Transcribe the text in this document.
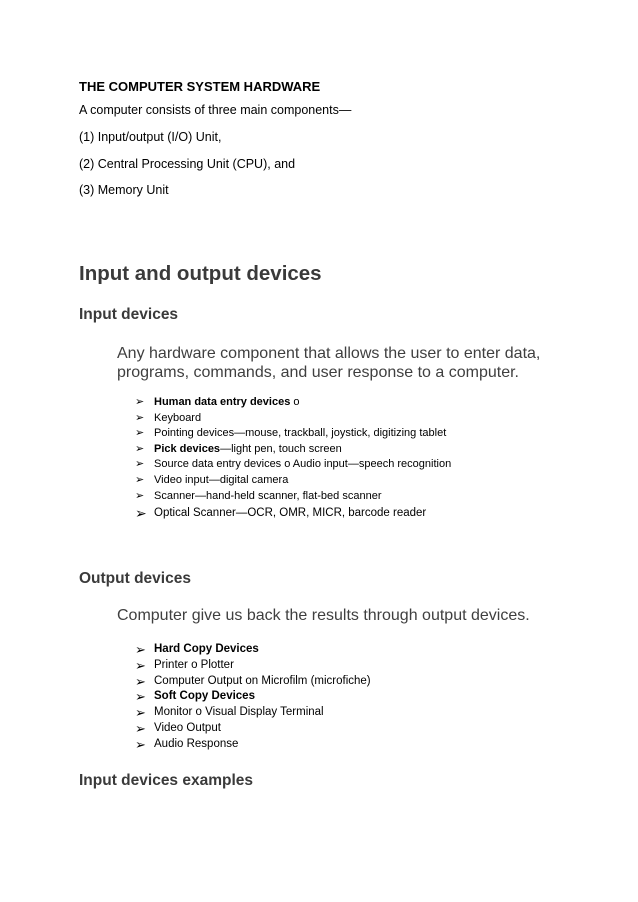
THE COMPUTER SYSTEM HARDWARE
A computer consists of three main components—
(1) Input/output (I/O) Unit,
(2) Central Processing Unit (CPU), and
(3) Memory Unit
Input and output devices
Input devices
Any hardware component that allows the user to enter data,
programs, commands, and user response to a computer.
➢ Human data entry devices o
➢ Keyboard
➢ Pointing devices—mouse, trackball, joystick, digitizing tablet
➢ Pick devices—light pen, touch screen
➢ Source data entry devices o Audio input—speech recognition
➢ Video input—digital camera
➢ Scanner—hand-held scanner, flat-bed scanner
➢ Optical Scanner—OCR, OMR, MICR, barcode reader
Output devices
Computer give us back the results through output devices.
➢ Hard Copy Devices
➢ Printer o Plotter
➢ Computer Output on Microfilm (microfiche)
➢ Soft Copy Devices
➢ Monitor o Visual Display Terminal
➢ Video Output
➢ Audio Response
Input devices examples
